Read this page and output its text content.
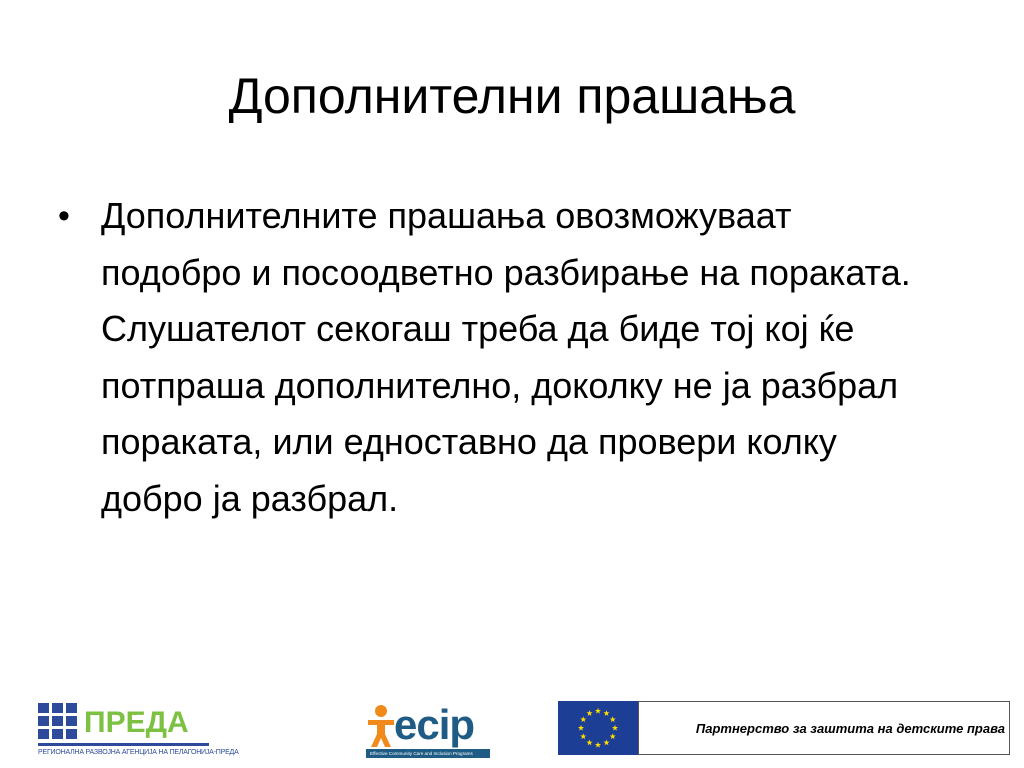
Дополнителни прашања
• Дополнителните прашања овозможуваат подобро и посоодветно разбирање на пораката. Слушателот секогаш треба да биде тој кој ќе потпраша дополнително, доколку не ја разбрал пораката, или едноставно да провери колку добро ја разбрал.
ПРЕДА
РЕГИОНАЛНА РАЗВОЈНА АГЕНЦИЈА НА ПЕЛАГОНИЈА-ПРЕДА
ecip
Effective Community Care and Inclusion Programs
Партнерство за заштита на детските права
